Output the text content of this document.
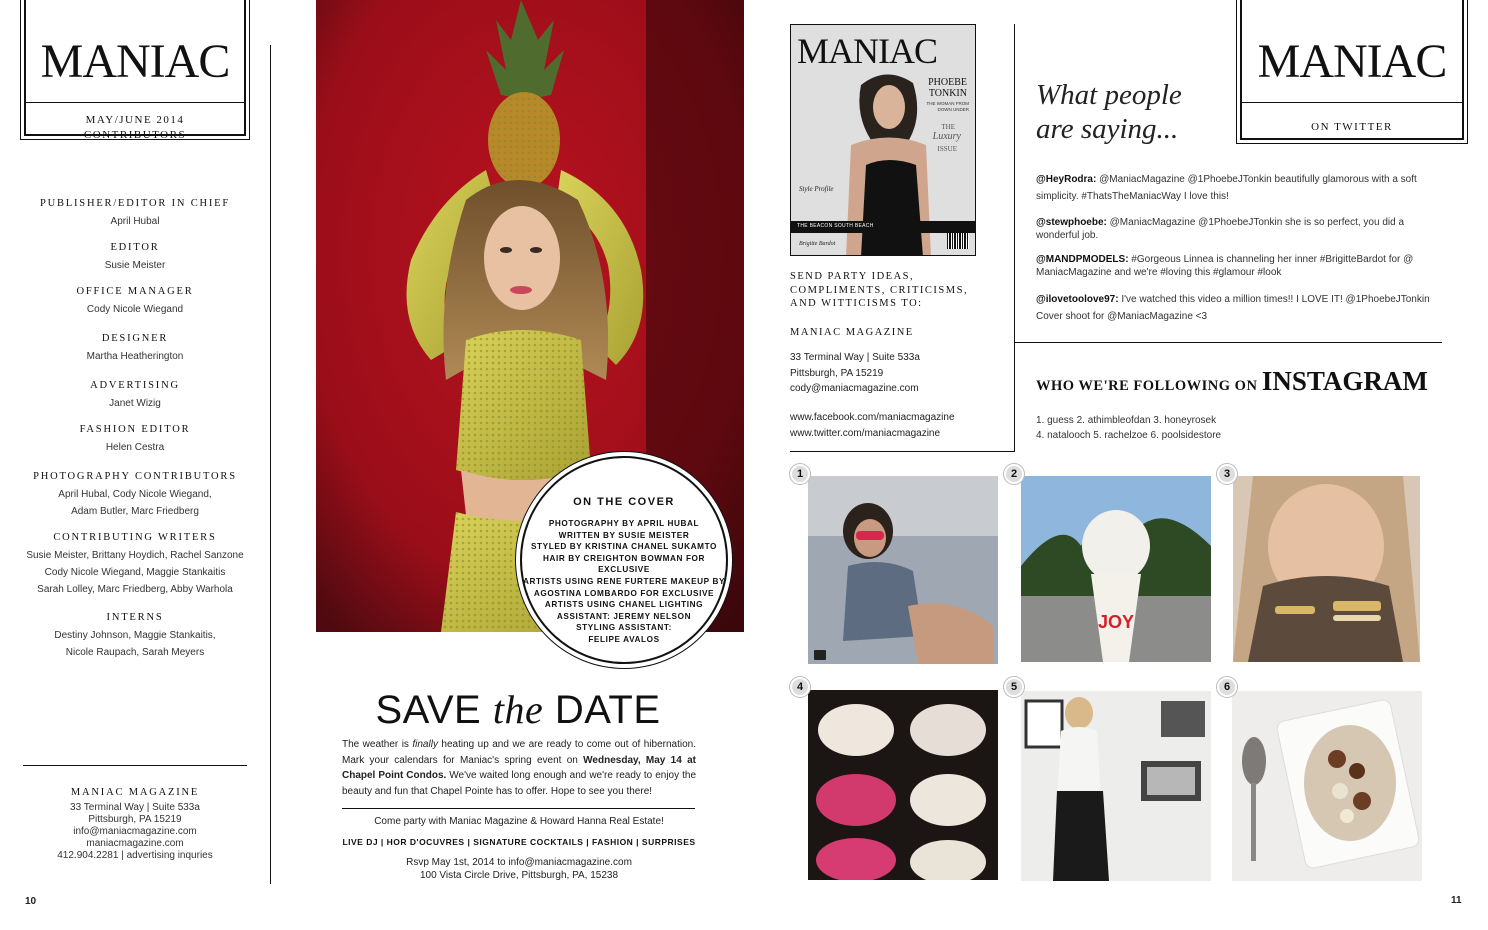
MANIAC
MAY/JUNE 2014
CONTRIBUTORS
PUBLISHER/EDITOR IN CHIEF
April Hubal
EDITOR
Susie Meister
OFFICE MANAGER
Cody Nicole Wiegand
DESIGNER
Martha Heatherington
ADVERTISING
Janet Wizig
FASHION EDITOR
Helen Cestra
PHOTOGRAPHY CONTRIBUTORS
April Hubal, Cody Nicole Wiegand,
Adam Butler, Marc Friedberg
CONTRIBUTING WRITERS
Susie Meister, Brittany Hoydich, Rachel Sanzone
Cody Nicole Wiegand, Maggie Stankaitis
Sarah Lolley, Marc Friedberg, Abby Warhola
INTERNS
Destiny Johnson, Maggie Stankaitis,
Nicole Raupach, Sarah Meyers
MANIAC MAGAZINE
33 Terminal Way | Suite 533a
Pittsburgh, PA 15219
info@maniacmagazine.com
maniacmagazine.com
412.904.2281 | advertising inquries
10
ON THE COVER
PHOTOGRAPHY BY APRIL HUBAL
WRITTEN BY SUSIE MEISTER
STYLED BY KRISTINA CHANEL SUKAMTO
HAIR BY CREIGHTON BOWMAN FOR EXCLUSIVE
ARTISTS USING RENE FURTERE MAKEUP BY
AGOSTINA LOMBARDO FOR EXCLUSIVE
ARTISTS USING CHANEL LIGHTING
ASSISTANT: JEREMY NELSON
STYLING ASSISTANT:
FELIPE AVALOS
SAVE the DATE
The weather is finally heating up and we are ready to come out of hibernation. Mark your calendars for Maniac's spring event on Wednesday, May 14 at Chapel Point Condos. We've waited long enough and we're ready to enjoy the beauty and fun that Chapel Pointe has to offer. Hope to see you there!
Come party with Maniac Magazine & Howard Hanna Real Estate!
LIVE DJ | HOR D'OCUVRES | SIGNATURE COCKTAILS | FASHION | SURPRISES
Rsvp May 1st, 2014 to info@maniacmagazine.com
100 Vista Circle Drive, Pittsburgh, PA, 15238
MANIAC
PHOEBE
TONKIN
THE WOMAN FROM DOWN UNDER
THE
Luxury
ISSUE
Style Profile
THE BEACON SOUTH BEACH
Brigitte Bardot
SEND PARTY IDEAS, COMPLIMENTS, CRITICISMS, AND WITTICISMS TO:
MANIAC MAGAZINE
33 Terminal Way | Suite 533a
Pittsburgh, PA 15219
cody@maniacmagazine.com
www.facebook.com/maniacmagazine
www.twitter.com/maniacmagazine
What people
are saying...
MANIAC
ON TWITTER
@HeyRodra: @ManiacMagazine @1PhoebeJTonkin beautifully glamorous with a soft simplicity. #ThatsTheManiacWay I love this!
@stewphoebe: @ManiacMagazine @1PhoebeJTonkin she is so perfect, you did a wonderful job.
@MANDPMODELS: #Gorgeous Linnea is channeling her inner #BrigitteBardot for @ ManiacMagazine and we're #loving this #glamour #look
@ilovetoolove97: I've watched this video a million times!! I LOVE IT! @1PhoebeJTonkin Cover shoot for @ManiacMagazine <3
WHO WE'RE FOLLOWING ON INSTAGRAM
1. guess 2. athimbleofdan 3. honeyrosek
4. natalooch 5. rachelzoe 6. poolsidestore
JOY
1	2	3
4	5	6
11
